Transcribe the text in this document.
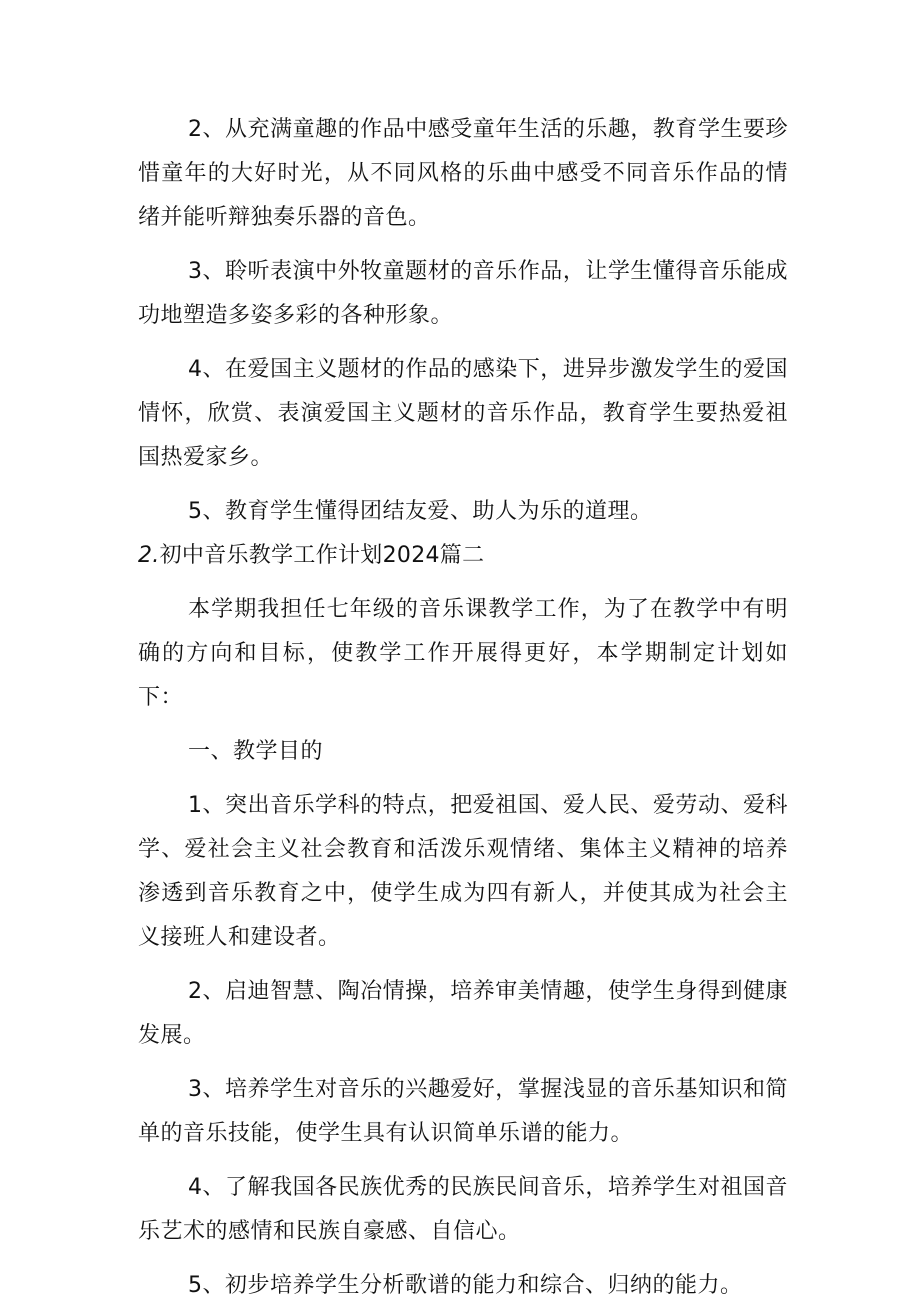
2、从充满童趣的作品中感受童年生活的乐趣，教育学生要珍惜童年的大好时光，从不同风格的乐曲中感受不同音乐作品的情绪并能听辩独奏乐器的音色。

3、聆听表演中外牧童题材的音乐作品，让学生懂得音乐能成功地塑造多姿多彩的各种形象。

4、在爱国主义题材的作品的感染下，进异步激发学生的爱国情怀，欣赏、表演爱国主义题材的音乐作品，教育学生要热爱祖国热爱家乡。

5、教育学生懂得团结友爱、助人为乐的道理。

2.初中音乐教学工作计划2024篇二

本学期我担任七年级的音乐课教学工作，为了在教学中有明确的方向和目标，使教学工作开展得更好，本学期制定计划如下：

一、教学目的

1、突出音乐学科的特点，把爱祖国、爱人民、爱劳动、爱科学、爱社会主义社会教育和活泼乐观情绪、集体主义精神的培养渗透到音乐教育之中，使学生成为四有新人，并使其成为社会主义接班人和建设者。

2、启迪智慧、陶冶情操，培养审美情趣，使学生身得到健康发展。

3、培养学生对音乐的兴趣爱好，掌握浅显的音乐基知识和简单的音乐技能，使学生具有认识简单乐谱的能力。

4、了解我国各民族优秀的民族民间音乐，培养学生对祖国音乐艺术的感情和民族自豪感、自信心。

5、初步培养学生分析歌谱的能力和综合、归纳的能力。
